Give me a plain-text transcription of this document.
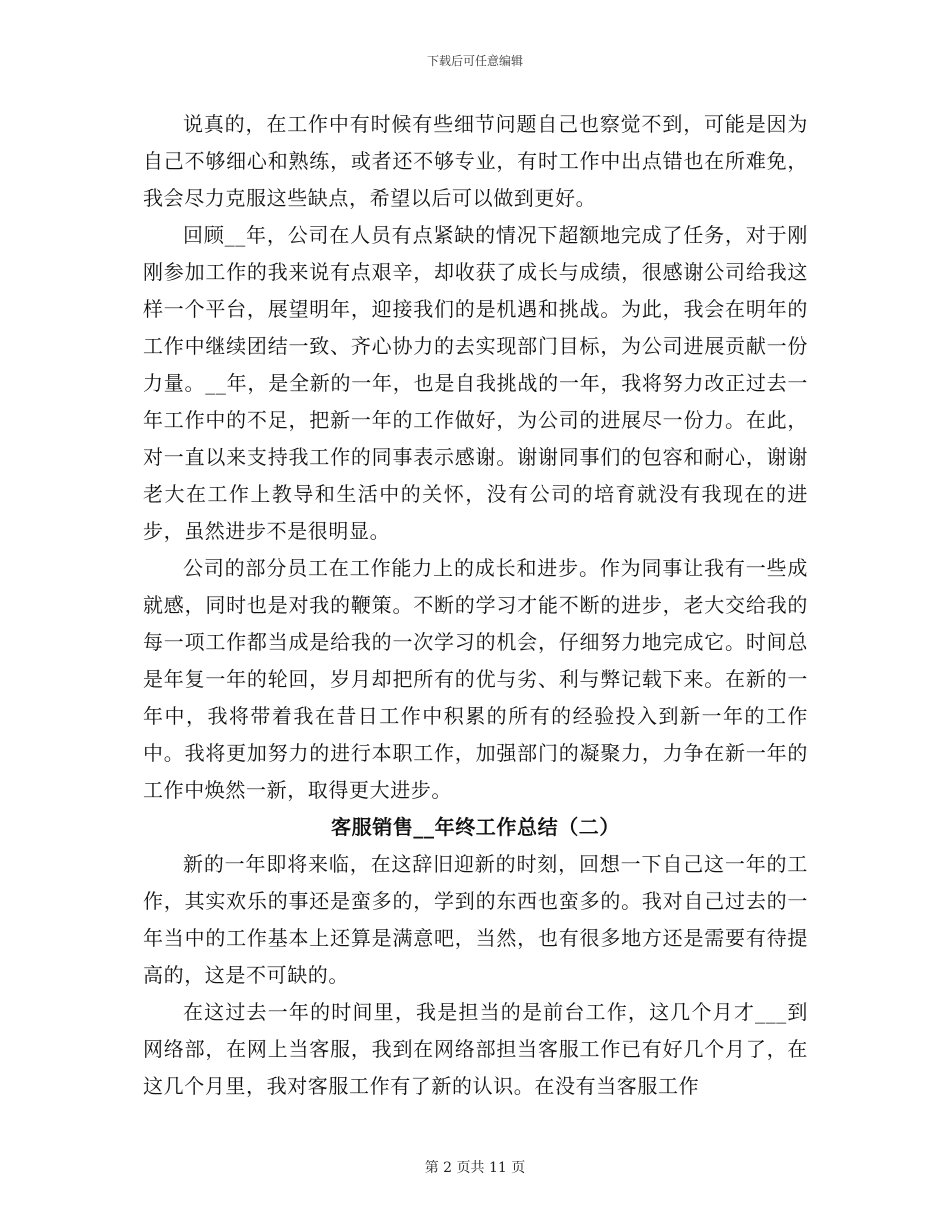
下载后可任意编辑

说真的，在工作中有时候有些细节问题自己也察觉不到，可能是因为自己不够细心和熟练，或者还不够专业，有时工作中出点错也在所难免，我会尽力克服这些缺点，希望以后可以做到更好。

回顾__年，公司在人员有点紧缺的情况下超额地完成了任务，对于刚刚参加工作的我来说有点艰辛，却收获了成长与成绩，很感谢公司给我这样一个平台，展望明年，迎接我们的是机遇和挑战。为此，我会在明年的工作中继续团结一致、齐心协力的去实现部门目标，为公司进展贡献一份力量。__年，是全新的一年，也是自我挑战的一年，我将努力改正过去一年工作中的不足，把新一年的工作做好，为公司的进展尽一份力。在此，对一直以来支持我工作的同事表示感谢。谢谢同事们的包容和耐心，谢谢老大在工作上教导和生活中的关怀，没有公司的培育就没有我现在的进步，虽然进步不是很明显。

公司的部分员工在工作能力上的成长和进步。作为同事让我有一些成就感，同时也是对我的鞭策。不断的学习才能不断的进步，老大交给我的每一项工作都当成是给我的一次学习的机会，仔细努力地完成它。时间总是年复一年的轮回，岁月却把所有的优与劣、利与弊记载下来。在新的一年中，我将带着我在昔日工作中积累的所有的经验投入到新一年的工作中。我将更加努力的进行本职工作，加强部门的凝聚力，力争在新一年的工作中焕然一新，取得更大进步。

客服销售__年终工作总结（二）

新的一年即将来临，在这辞旧迎新的时刻，回想一下自己这一年的工作，其实欢乐的事还是蛮多的，学到的东西也蛮多的。我对自己过去的一年当中的工作基本上还算是满意吧，当然，也有很多地方还是需要有待提高的，这是不可缺的。

在这过去一年的时间里，我是担当的是前台工作，这几个月才___到网络部，在网上当客服，我到在网络部担当客服工作已有好几个月了，在这几个月里，我对客服工作有了新的认识。在没有当客服工作

第 2 页共 11 页
